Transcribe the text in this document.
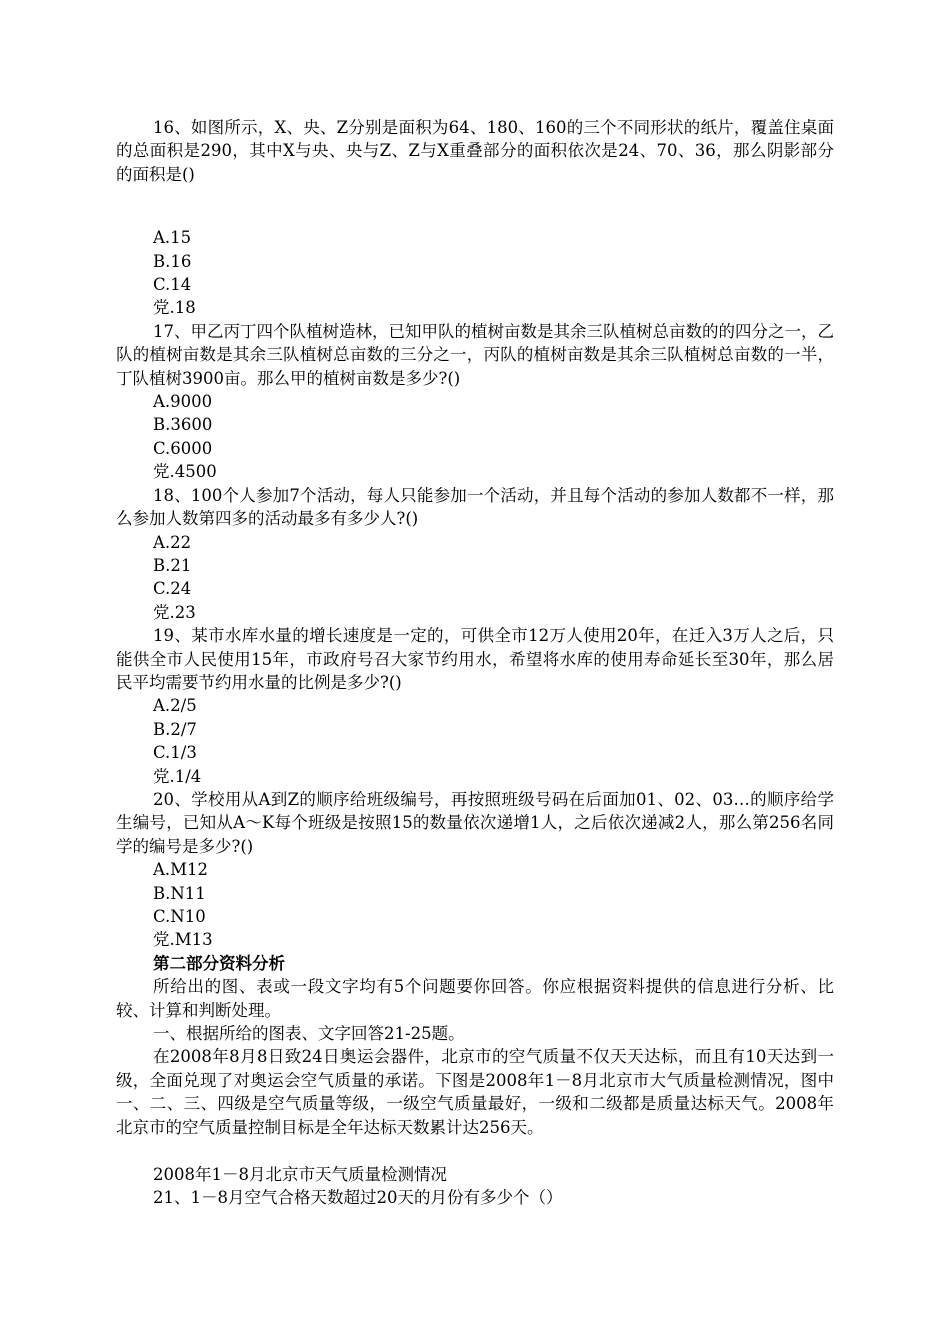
16、如图所示，X、央、Z分别是面积为64、180、160的三个不同形状的纸片，覆盖住桌面的总面积是290，其中X与央、央与Z、Z与X重叠部分的面积依次是24、70、36，那么阴影部分的面积是()

A.15

B.16

C.14

党.18

17、甲乙丙丁四个队植树造林，已知甲队的植树亩数是其余三队植树总亩数的的四分之一，乙队的植树亩数是其余三队植树总亩数的三分之一，丙队的植树亩数是其余三队植树总亩数的一半，丁队植树3900亩。那么甲的植树亩数是多少?()

A.9000

B.3600

C.6000

党.4500

18、100个人参加7个活动，每人只能参加一个活动，并且每个活动的参加人数都不一样，那么参加人数第四多的活动最多有多少人?()

A.22

B.21

C.24

党.23

19、某市水库水量的增长速度是一定的，可供全市12万人使用20年，在迁入3万人之后，只能供全市人民使用15年，市政府号召大家节约用水，希望将水库的使用寿命延长至30年，那么居民平均需要节约用水量的比例是多少?()

A.2/5

B.2/7

C.1/3

党.1/4

20、学校用从A到Z的顺序给班级编号，再按照班级号码在后面加01、02、03…的顺序给学生编号，已知从A～K每个班级是按照15的数量依次递增1人，之后依次递减2人，那么第256名同学的编号是多少?()

A.M12

B.N11

C.N10

党.M13

第二部分资料分析

所给出的图、表或一段文字均有5个问题要你回答。你应根据资料提供的信息进行分析、比较、计算和判断处理。

一、根据所给的图表、文字回答21-25题。

在2008年8月8日致24日奥运会器件，北京市的空气质量不仅天天达标，而且有10天达到一级，全面兑现了对奥运会空气质量的承诺。下图是2008年1－8月北京市大气质量检测情况，图中一、二、三、四级是空气质量等级，一级空气质量最好，一级和二级都是质量达标天气。2008年北京市的空气质量控制目标是全年达标天数累计达256天。

2008年1－8月北京市天气质量检测情况

21、1－8月空气合格天数超过20天的月份有多少个（）
